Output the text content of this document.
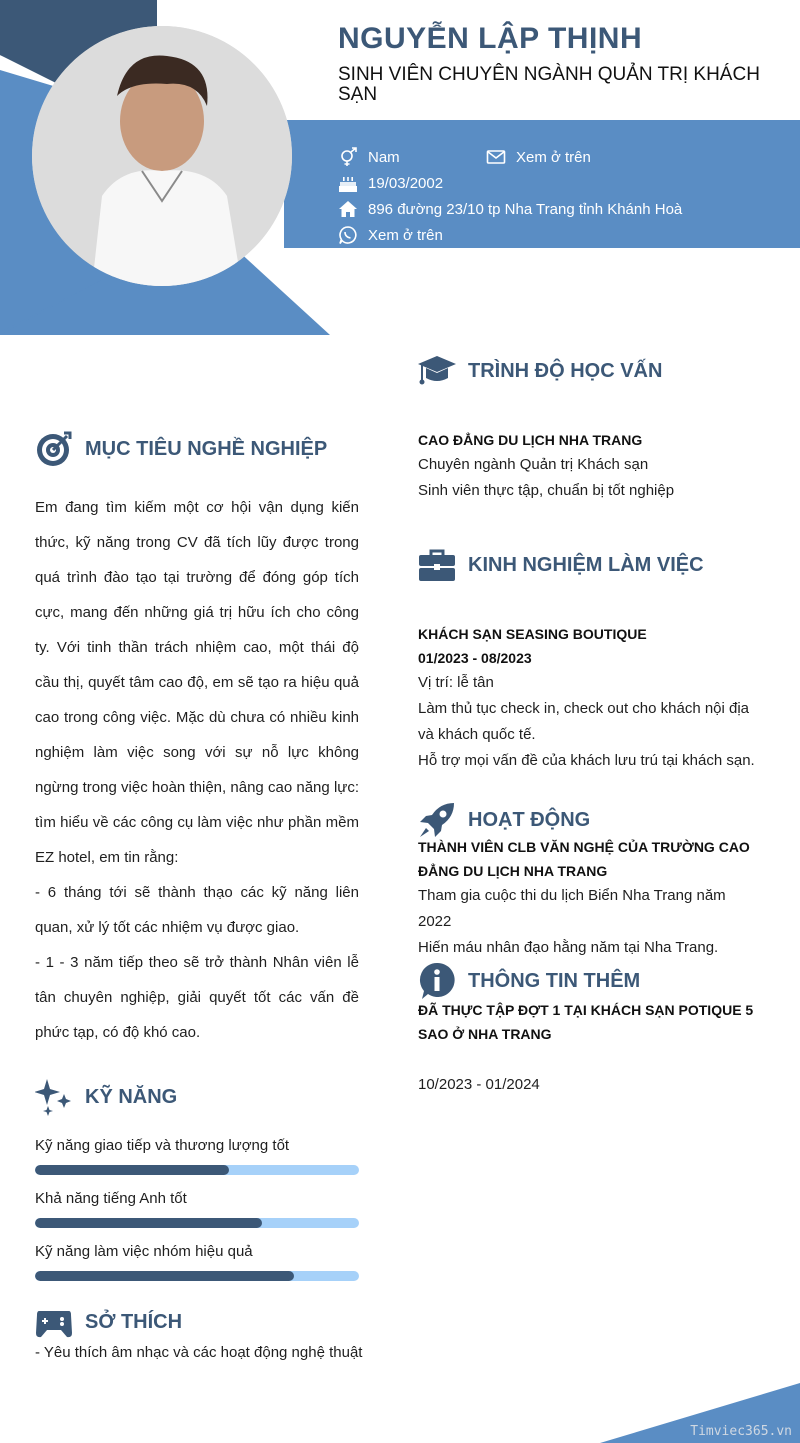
NGUYỄN LẬP THỊNH
SINH VIÊN CHUYÊN NGÀNH QUẢN TRỊ KHÁCH SẠN
Nam	Xem ở trên
19/03/2002
896 đường 23/10 tp Nha Trang tỉnh Khánh Hoà
Xem ở trên
MỤC TIÊU NGHỀ NGHIỆP

Em đang tìm kiếm một cơ hội vận dụng kiến thức, kỹ năng trong CV đã tích lũy được trong quá trình đào tạo tại trường để đóng góp tích cực, mang đến những giá trị hữu ích cho công ty. Với tinh thần trách nhiệm cao, một thái độ cầu thị, quyết tâm cao độ, em sẽ tạo ra hiệu quả cao trong công việc. Mặc dù chưa có nhiều kinh nghiệm làm việc song với sự nỗ lực không ngừng trong việc hoàn thiện, nâng cao năng lực: tìm hiểu về các công cụ làm việc như phần mềm EZ hotel, em tin rằng:

- 6 tháng tới sẽ thành thạo các kỹ năng liên quan, xử lý tốt các nhiệm vụ được giao.

- 1 - 3 năm tiếp theo sẽ trở thành Nhân viên lễ tân chuyên nghiệp, giải quyết tốt các vấn đề phức tạp, có độ khó cao.

KỸ NĂNG
Kỹ năng giao tiếp và thương lượng tốt
Khả năng tiếng Anh tốt
Kỹ năng làm việc nhóm hiệu quả
SỞ THÍCH
- Yêu thích âm nhạc và các hoạt động nghệ thuật
TRÌNH ĐỘ HỌC VẤN
CAO ĐẲNG DU LỊCH NHA TRANG
Chuyên ngành Quản trị Khách sạn
Sinh viên thực tập, chuẩn bị tốt nghiệp
KINH NGHIỆM LÀM VIỆC
KHÁCH SẠN SEASING BOUTIQUE
01/2023 - 08/2023
Vị trí: lễ tân
Làm thủ tục check in, check out cho khách nội địa và khách quốc tế.
Hỗ trợ mọi vấn đề của khách lưu trú tại khách sạn.
HOẠT ĐỘNG
THÀNH VIÊN CLB VĂN NGHỆ CỦA TRƯỜNG CAO ĐẲNG DU LỊCH NHA TRANG
Tham gia cuộc thi du lịch Biển Nha Trang năm 2022
Hiến máu nhân đạo hằng năm tại Nha Trang.
THÔNG TIN THÊM
ĐÃ THỰC TẬP ĐỢT 1 TẠI KHÁCH SẠN POTIQUE 5 SAO Ở NHA TRANG
10/2023 - 01/2024
Timviec365.vn
